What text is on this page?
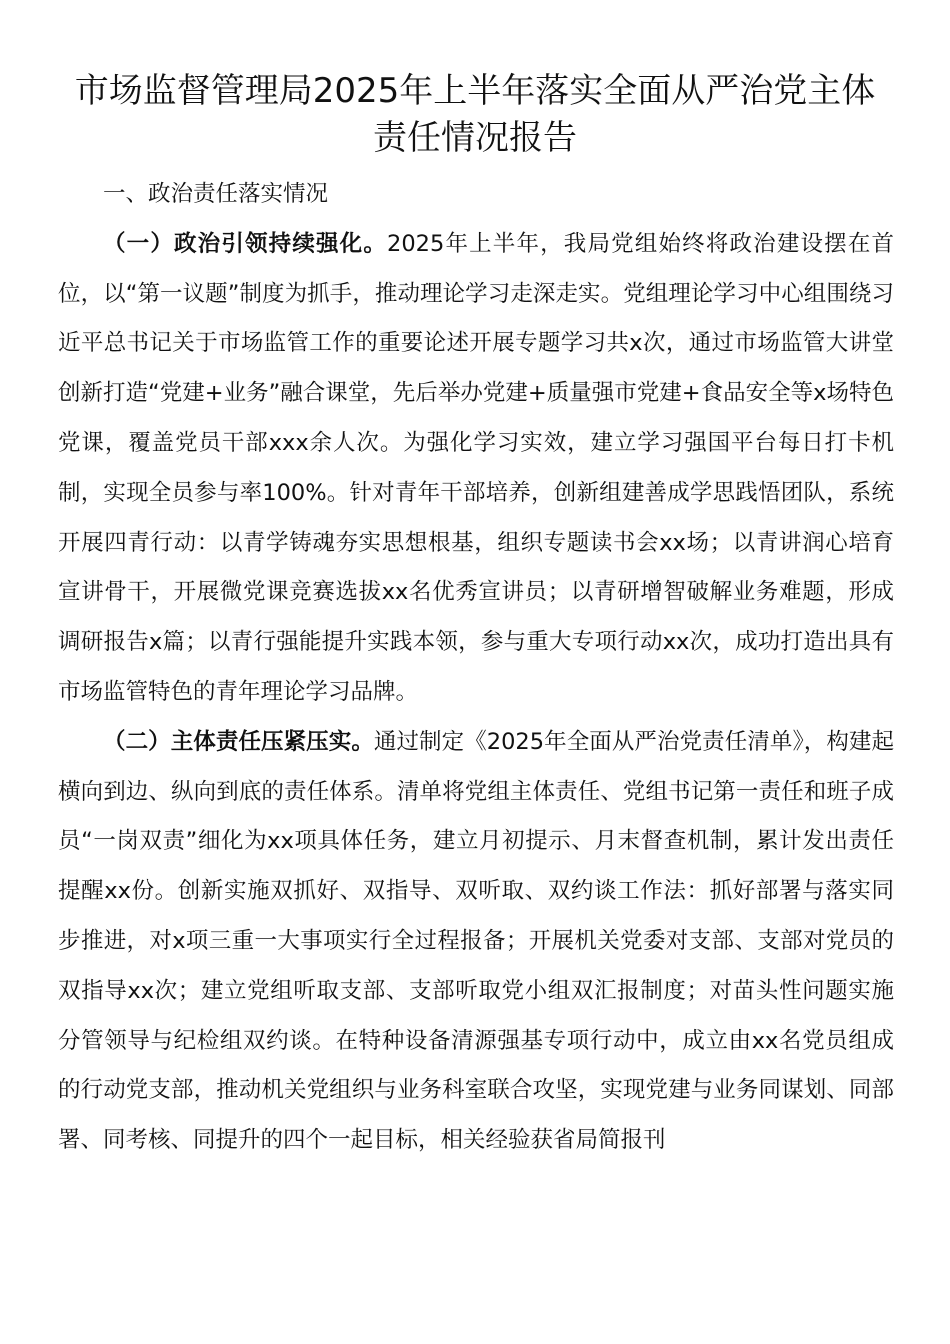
市场监督管理局2025年上半年落实全面从严治党主体责任情况报告

一、政治责任落实情况

（一）政治引领持续强化。2025年上半年，我局党组始终将政治建设摆在首位，以“第一议题”制度为抓手，推动理论学习走深走实。党组理论学习中心组围绕习近平总书记关于市场监管工作的重要论述开展专题学习共x次，通过市场监管大讲堂创新打造“党建+业务”融合课堂，先后举办党建+质量强市党建+食品安全等x场特色党课，覆盖党员干部xxx余人次。为强化学习实效，建立学习强国平台每日打卡机制，实现全员参与率100%。针对青年干部培养，创新组建善成学思践悟团队，系统开展四青行动：以青学铸魂夯实思想根基，组织专题读书会xx场；以青讲润心培育宣讲骨干，开展微党课竞赛选拔xx名优秀宣讲员；以青研增智破解业务难题，形成调研报告x篇；以青行强能提升实践本领，参与重大专项行动xx次，成功打造出具有市场监管特色的青年理论学习品牌。

（二）主体责任压紧压实。通过制定《2025年全面从严治党责任清单》，构建起横向到边、纵向到底的责任体系。清单将党组主体责任、党组书记第一责任和班子成员“一岗双责”细化为xx项具体任务，建立月初提示、月末督查机制，累计发出责任提醒xx份。创新实施双抓好、双指导、双听取、双约谈工作法：抓好部署与落实同步推进，对x项三重一大事项实行全过程报备；开展机关党委对支部、支部对党员的双指导xx次；建立党组听取支部、支部听取党小组双汇报制度；对苗头性问题实施分管领导与纪检组双约谈。在特种设备清源强基专项行动中，成立由xx名党员组成的行动党支部，推动机关党组织与业务科室联合攻坚，实现党建与业务同谋划、同部署、同考核、同提升的四个一起目标，相关经验获省局简报刊
